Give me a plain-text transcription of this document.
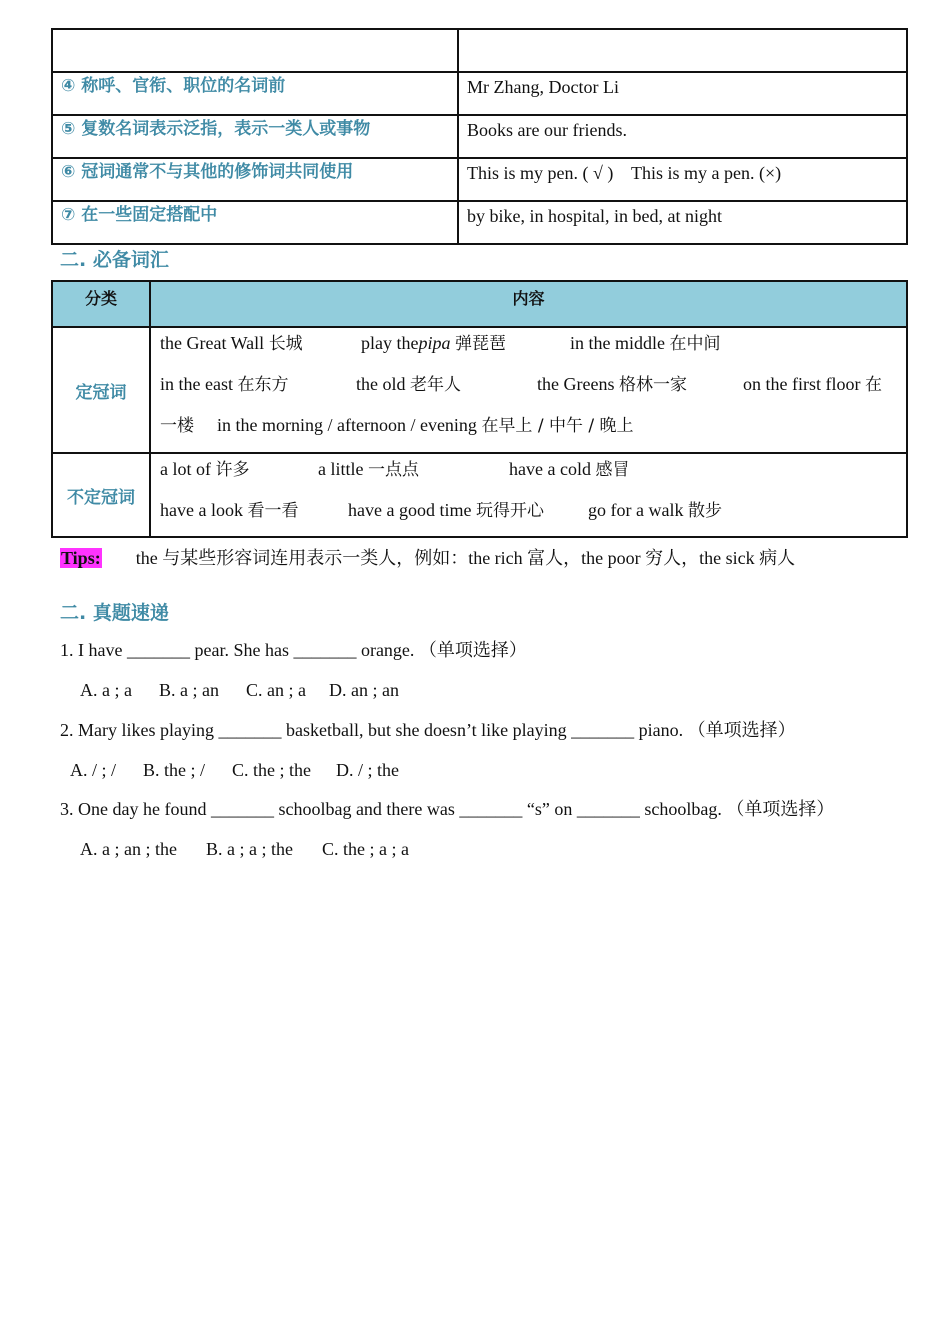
④ 称呼、官衔、职位的名词前	Mr Zhang, Doctor Li

⑤ 复数名词表示泛指，表示一类人或事物	Books are our friends.

⑥ 冠词通常不与其他的修饰词共同使用	This is my pen. ( √ )    This is my a pen. (×)

⑦ 在一些固定搭配中	by bike, in hospital, in bed, at night
二. 必备词汇
分类	内容
定冠词	the Great Wall 长城 play thepipa 弹琵琶 in the middle 在中间
in the east 在东方 the old 老年人 the Greens 格林一家 on the first floor 在
一楼 in the morning / afternoon / evening 在早上 / 中午 / 晚上

不定冠词	a lot of 许多 a little 一点点 have a cold 感冒
have a look 看一看 have a good time 玩得开心 go for a walk 散步
Tips: the 与某些形容词连用表示一类人，例如：the rich 富人，the poor 穷人，the sick 病人
二. 真题速递
1. I have _______ pear. She has _______ orange. （单项选择）
A. a ; a B. a ; an C. an ; a D. an ; an
2. Mary likes playing _______ basketball, but she doesn’t like playing _______ piano. （单项选择）
A. / ; / B. the ; / C. the ; the D. / ; the
3. One day he found _______ schoolbag and there was _______ “s” on _______ schoolbag. （单项选择）
A. a ; an ; the B. a ; a ; the C. the ; a ; a
